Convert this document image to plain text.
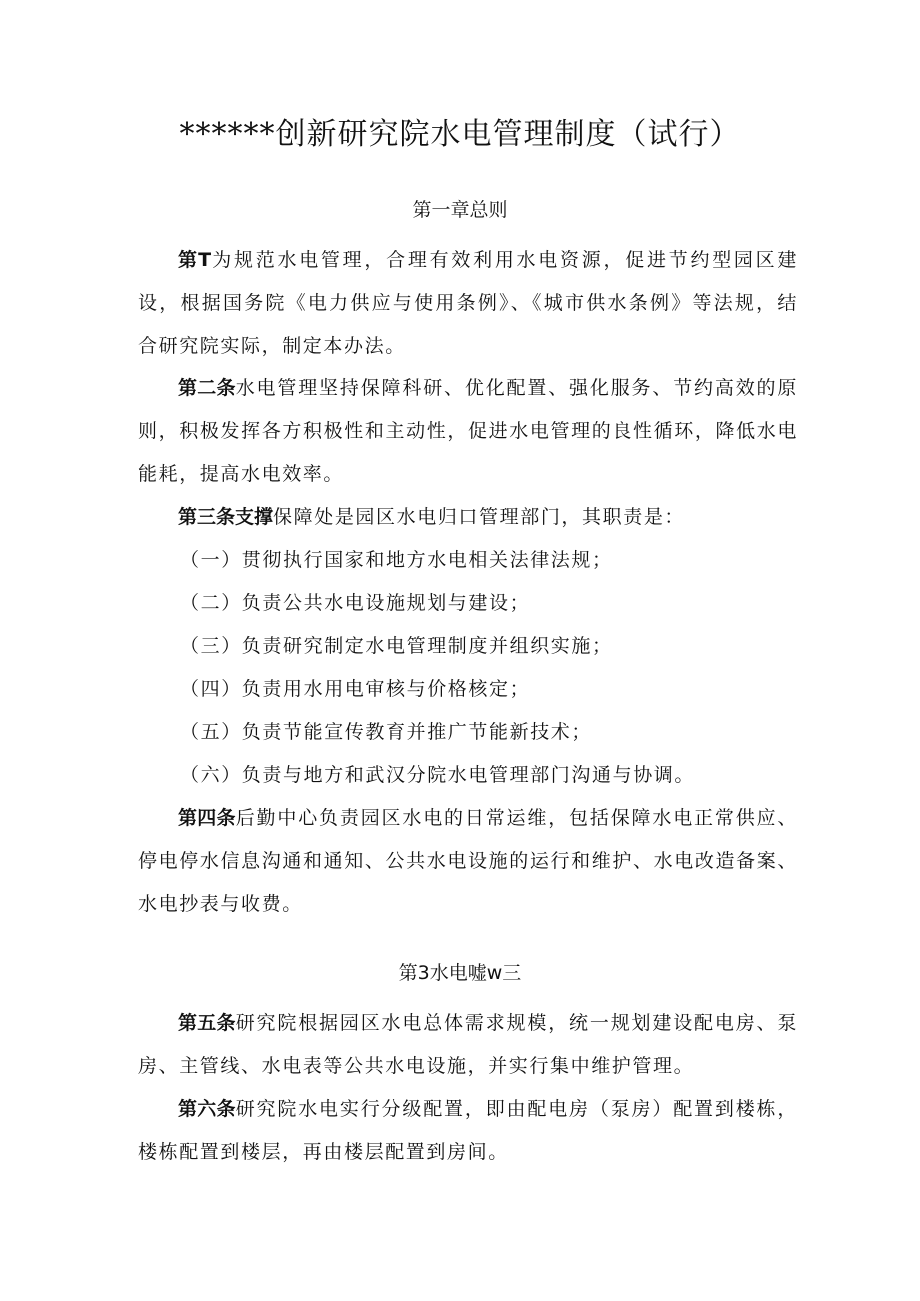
******创新研究院水电管理制度（试行）
第一章总则

第T为规范水电管理，合理有效利用水电资源，促进节约型园区建设，根据国务院《电力供应与使用条例》、《城市供水条例》等法规，结合研究院实际，制定本办法。

第二条水电管理坚持保障科研、优化配置、强化服务、节约高效的原则，积极发挥各方积极性和主动性，促进水电管理的良性循环，降低水电能耗，提高水电效率。

第三条支撑保障处是园区水电归口管理部门，其职责是：

（一）贯彻执行国家和地方水电相关法律法规；
（二）负责公共水电设施规划与建设；
（三）负责研究制定水电管理制度并组织实施；
（四）负责用水用电审核与价格核定；
（五）负责节能宣传教育并推广节能新技术；
（六）负责与地方和武汉分院水电管理部门沟通与协调。

第四条后勤中心负责园区水电的日常运维，包括保障水电正常供应、停电停水信息沟通和通知、公共水电设施的运行和维护、水电改造备案、水电抄表与收费。

第3水电嘘w三

第五条研究院根据园区水电总体需求规模，统一规划建设配电房、泵房、主管线、水电表等公共水电设施，并实行集中维护管理。

第六条研究院水电实行分级配置，即由配电房（泵房）配置到楼栋，楼栋配置到楼层，再由楼层配置到房间。
